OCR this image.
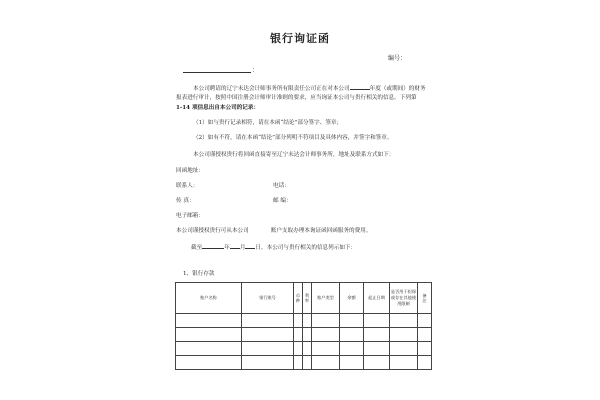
银行询证函
编号：
：
本公司聘请的辽宁未达会计师事务所有限责任公司正在对本公司	年度（或期间）的财务
报表进行审计，按照中国注册会计师审计准则的要求，应当询证本公司与贵行相关的信息。下列第
1-14 项信息出自本公司的记录：
（1）如与贵行记录相符，请在本函“结论”部分签字、签章；
（2）如有不符，请在本函“结论”部分列明不符项目及具体内容，并签字和签章。
本公司谨授权贵行将回函直接寄至辽宁未达会计师事务所，地址及联系方式如下：
回函地址：
联系人：	电话：
传 真：	邮 编：
电子邮箱：
本公司谨授权贵行可从本公司	账户支取办理本询证函回函服务的费用。
截至	年 月 日，本公司与贵行相关的信息列示如下：
1、银行存款
账户名称	银行账号	币种	利率	账户类型	余额	起止日期	是否用于担保或存在其他使用限制	备注
